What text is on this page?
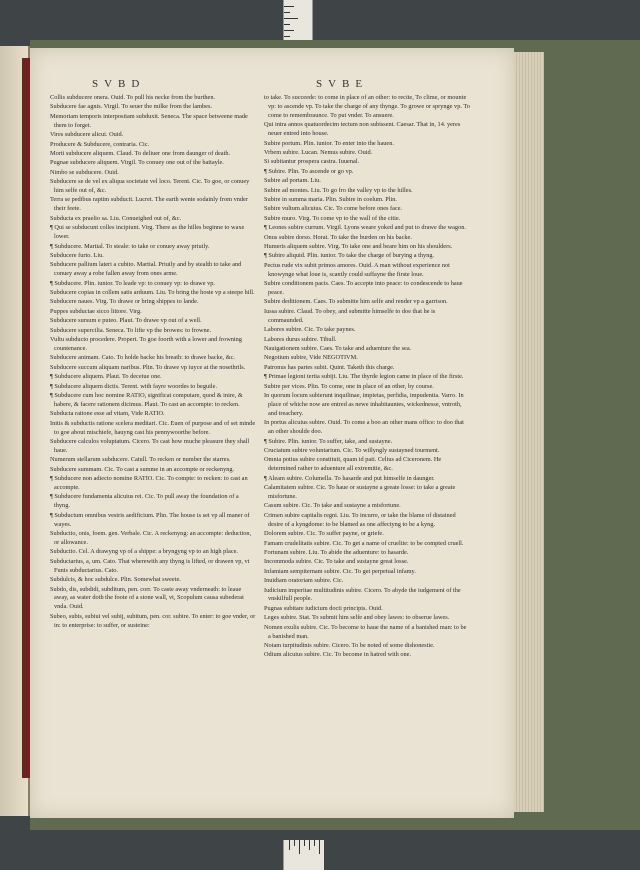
SVBD	SVBE

Collis subducere onera. Ouid. To pull his necke from the burthen.

Subducere fae agnis. Virgil. To seuer the milke from the lambes.

Memoriam temporis interpositam subduxit. Seneca. The space betweene made them to forget.

Vires subducere alicui. Ouid.

Producere & Subducere, contraria. Cic.

Morti subducere aliquem. Claud. To deliuer one from daunger of death.

Pugnae subducere aliquem. Virgil. To conuey one out of the battayle.

Nimbo se subducere. Ouid.

Subducere se de vel ex aliqua societate vel loco. Terent. Cic. To goe, or conuey him selfe out of, &c.

Terra se pedibus raptim subducit. Lucret. The earth wente sodainly from vnder their feete.

Subducta ex praelio sa. Liu. Conueighed out of, &c.

¶ Qui se subducunt colles incipiunt. Virg. There as the hilles beginne to waxe lower.

¶ Subducere. Martial. To steale: to take or conuey away priuily.

Subducere furto. Liu.

Subducere pallium lateri a cubito. Martial. Priuily and by stealth to take and conuey away a robe fallen away from ones arme.

¶ Subducere. Plin. iunior. To leade vp: to conuey vp: to drawe vp.

Subducere copias in collem satis arduum. Liu. To bring the hoste vp a steepe hill.

Subducere naues. Virg. To drawe or bring shippes to lande.

Puppes subductae sicco littore. Virg.

Subducere sursum e puteo. Plaut. To drawe vp out of a well.

Subducere supercilia. Seneca. To lifte vp the browes: to frowne.

Vultu subducto procedere. Propert. To goe foorth with a lower and frowning countenance.

Subducere animam. Cato. To holde backe his breath: to drawe backe, &c.

Subducere succum aliquam naribus. Plin. To drawe vp iuyce at the nosethrils.

¶ Subducere aliquem. Plaut. To deceiue one.

¶ Subducere aliquem dictis. Terent. with fayre woordes to beguile.

¶ Subducere cum hoc nomine RATIO, significat computare, quod & inire, & habere, & facere rationem dicimus. Plaut. To cast an accompte: to recken.

Subducta ratione esse ad vitam, Vide RATIO.

Initis & subductis ratione scelera meditari. Cic. Euen of purpose and of set minde to goe about mischiefe, hauyng cast his pennywoorthe before.

Subducere calculos voluptatum. Cicero. To cast how muche pleasure they shall haue.

Numerum stellarum subducere. Catull. To recken or number the starres.

Subducere summam. Cic. To cast a summe in an accompte or reckenyng.

¶ Subducere non adiecto nomine RATIO. Cic. To compte: to recken: to cast an accompte.

¶ Subducere fundamenta alicuius rei. Cic. To pull away the foundation of a thyng.

¶ Subductum omnibus vestris aedificium. Plin. The house is set vp all maner of wayes.

Subductio, onis, foem. gen. Verbale. Cic. A reckenyng: an accompte: deduction, or allowance.

Subductio. Cel. A drawyng vp of a shippe: a bryngyng vp to an high place.

Subductarius, a, um. Cato. That wherewith any thyng is lifted, or drawen vp, vt Funis subductarius. Cato.

Subdulcis, & hoc subdulce. Plin. Somewhat sweete.

Subdo, dis, subdidi, subditum, pen. corr. To caste away vnderneath: to leaue away, as water doth the foote of a stone wall, vt, Scopulum causa subederat vnda. Ouid.

Subeo, subis, subiui vel subij, subitum, pen. cor. subire. To enter: to goe vnder, or in: to enterprise: to suffer, or susteine:

to take. To succeede: to come in place of an other: to recite, To clime, or mounte vp: to ascende vp. To take the charge of any thynge. To growe or sprynge vp. To come to remembraunce. To put vnder. To ansuere.

Qui intra annos quatuordecim tectum non subissent. Caesar. That in, 14. yeres neuer entred into house.

Subire portum. Plin. iunior. To enter into the hauen.

Vrbem subire. Lucan. Nemus subire. Ouid.

Si subitantur prospera castra. Iuuenal.

¶ Subire. Plin. To ascende or go vp.

Subire ad portam. Liu.

Subire ad montes. Liu. To go fro the valley vp to the hilles.

Subire in summa maria. Plin. Subire in coelum. Plin.

Subire vultum alicuius. Cic. To come before ones face.

Subire muro. Virg. To come vp to the wall of the citie.

¶ Leones subire currum. Virgil. Lyons weare yoked and put to drawe the wagon.

Onus subire dorso. Horat. To take the burden on his backe.

Humeris aliquem subire. Virg. To take one and beare him on his shoulders.

¶ Subire aliquid. Plin. iunior. To take the charge of burying a thyng.

Pectus rude vix subit primos amores. Ouid. A man without experience not knowynge what loue is, scantly could suffayne the firste loue.

Subire conditionem pacis. Caes. To accepte into peace: to condescende to haue peace.

Subire deditionem. Caes. To submitte him selfe and render vp a garrison.

Iussa subire. Claud. To obey, and submitte himselfe to doe that he is commaunded.

Labores subire. Cic. To take paynes.

Labores durus subire. Tibull.

Nauigationem subire. Caes. To take and aduenture the sea.

Negotium subire, Vide NEGOTIVM.

Patronus has partes subit. Quint. Taketh this charge.

¶ Primae legioni tertia subijt. Liu. The thyrde legion came in place of the firste.

Subire per vices. Plin. To come, one in place of an other, by course.

In quorum locum subierunt inquilinae, impietas, perfidia, impudentia. Varro. In place of whiche now are entred as newe inhabitauntes, wickednesse, vntroth, and treachery.

In portus alicuius subire. Ouid. To come a boo an other mans office: to doo that an other shoulde doo.

¶ Subire. Plin. iunior. To suffer, take, and sustayne.

Cruciatum subire voluntarium. Cic. To willyngly sustayned tourment.

Omnia potius subire constituit, quam id pati. Celius ad Ciceronem. He determined rather to aduenture all extremitie, &c.

¶ Aleam subire. Columella. To hasarde and put himselfe in daunger.

Calamitatem subire. Cic. To haue or sustayne a greate losse: to take a greate misfortune.

Casum subire. Cic. To take and sustayne a misfortune.

Crimen subire capitalis regni. Liu. To incurre, or take the blame of distained desire of a kyngdome: to be blamed as one affectyng to be a kyng.

Dolorem subire. Cic. To suffer payne, or griefe.

Famam crudelitatis subire. Cic. To get a name of crueltie: to be compted cruell.

Fortunam subire. Liu. To abide the aduenture: to hasarde.

Incommoda subire. Cic. To take and sustayne great losse.

Infamiam sempiternam subire. Cic. To get perpetual infamy.

Inuidiam oratoriam subire. Cic.

Iudicium imperitae multitudinis subire. Cicero. To abyde the iudgement of the vnskilfull people.

Pugnas subitare iudicium docti principis. Ouid.

Leges subire. Stat. To submit him selfe and obey lawes: to obserue lawes.

Nomen exulis subire. Cic. To become to haue the name of a banished man: to be a banished man.

Notam turpitudinis subire. Cicero. To be noted of some dishonestie.

Odium alicuius subire. Cic. To become in hatred with one.
